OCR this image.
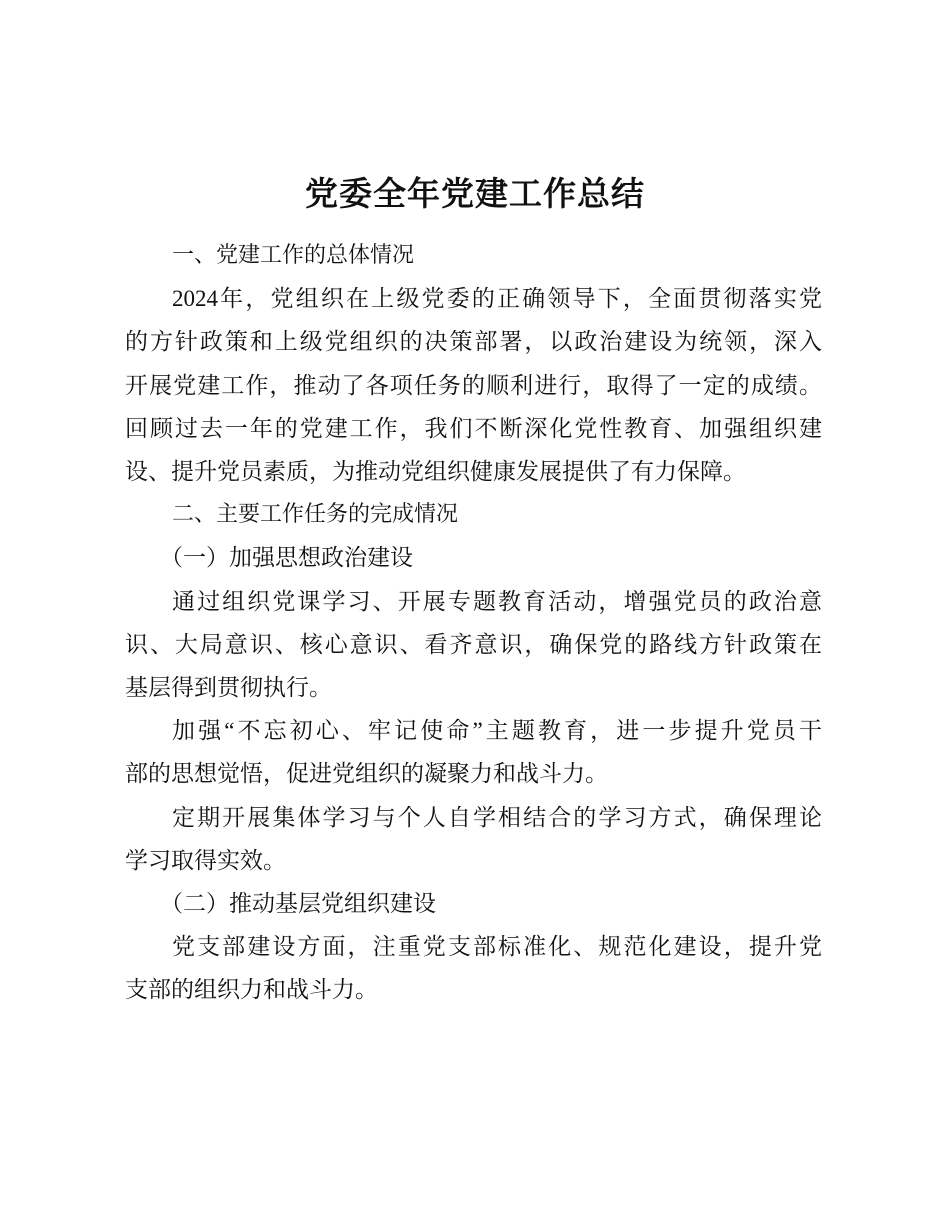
党委全年党建工作总结
一、党建工作的总体情况
2024年，党组织在上级党委的正确领导下，全面贯彻落实党
的方针政策和上级党组织的决策部署，以政治建设为统领，深入
开展党建工作，推动了各项任务的顺利进行，取得了一定的成绩。
回顾过去一年的党建工作，我们不断深化党性教育、加强组织建
设、提升党员素质，为推动党组织健康发展提供了有力保障。
二、主要工作任务的完成情况
（一）加强思想政治建设
通过组织党课学习、开展专题教育活动，增强党员的政治意
识、大局意识、核心意识、看齐意识，确保党的路线方针政策在
基层得到贯彻执行。
加强“不忘初心、牢记使命”主题教育，进一步提升党员干
部的思想觉悟，促进党组织的凝聚力和战斗力。
定期开展集体学习与个人自学相结合的学习方式，确保理论
学习取得实效。
（二）推动基层党组织建设
党支部建设方面，注重党支部标准化、规范化建设，提升党
支部的组织力和战斗力。
